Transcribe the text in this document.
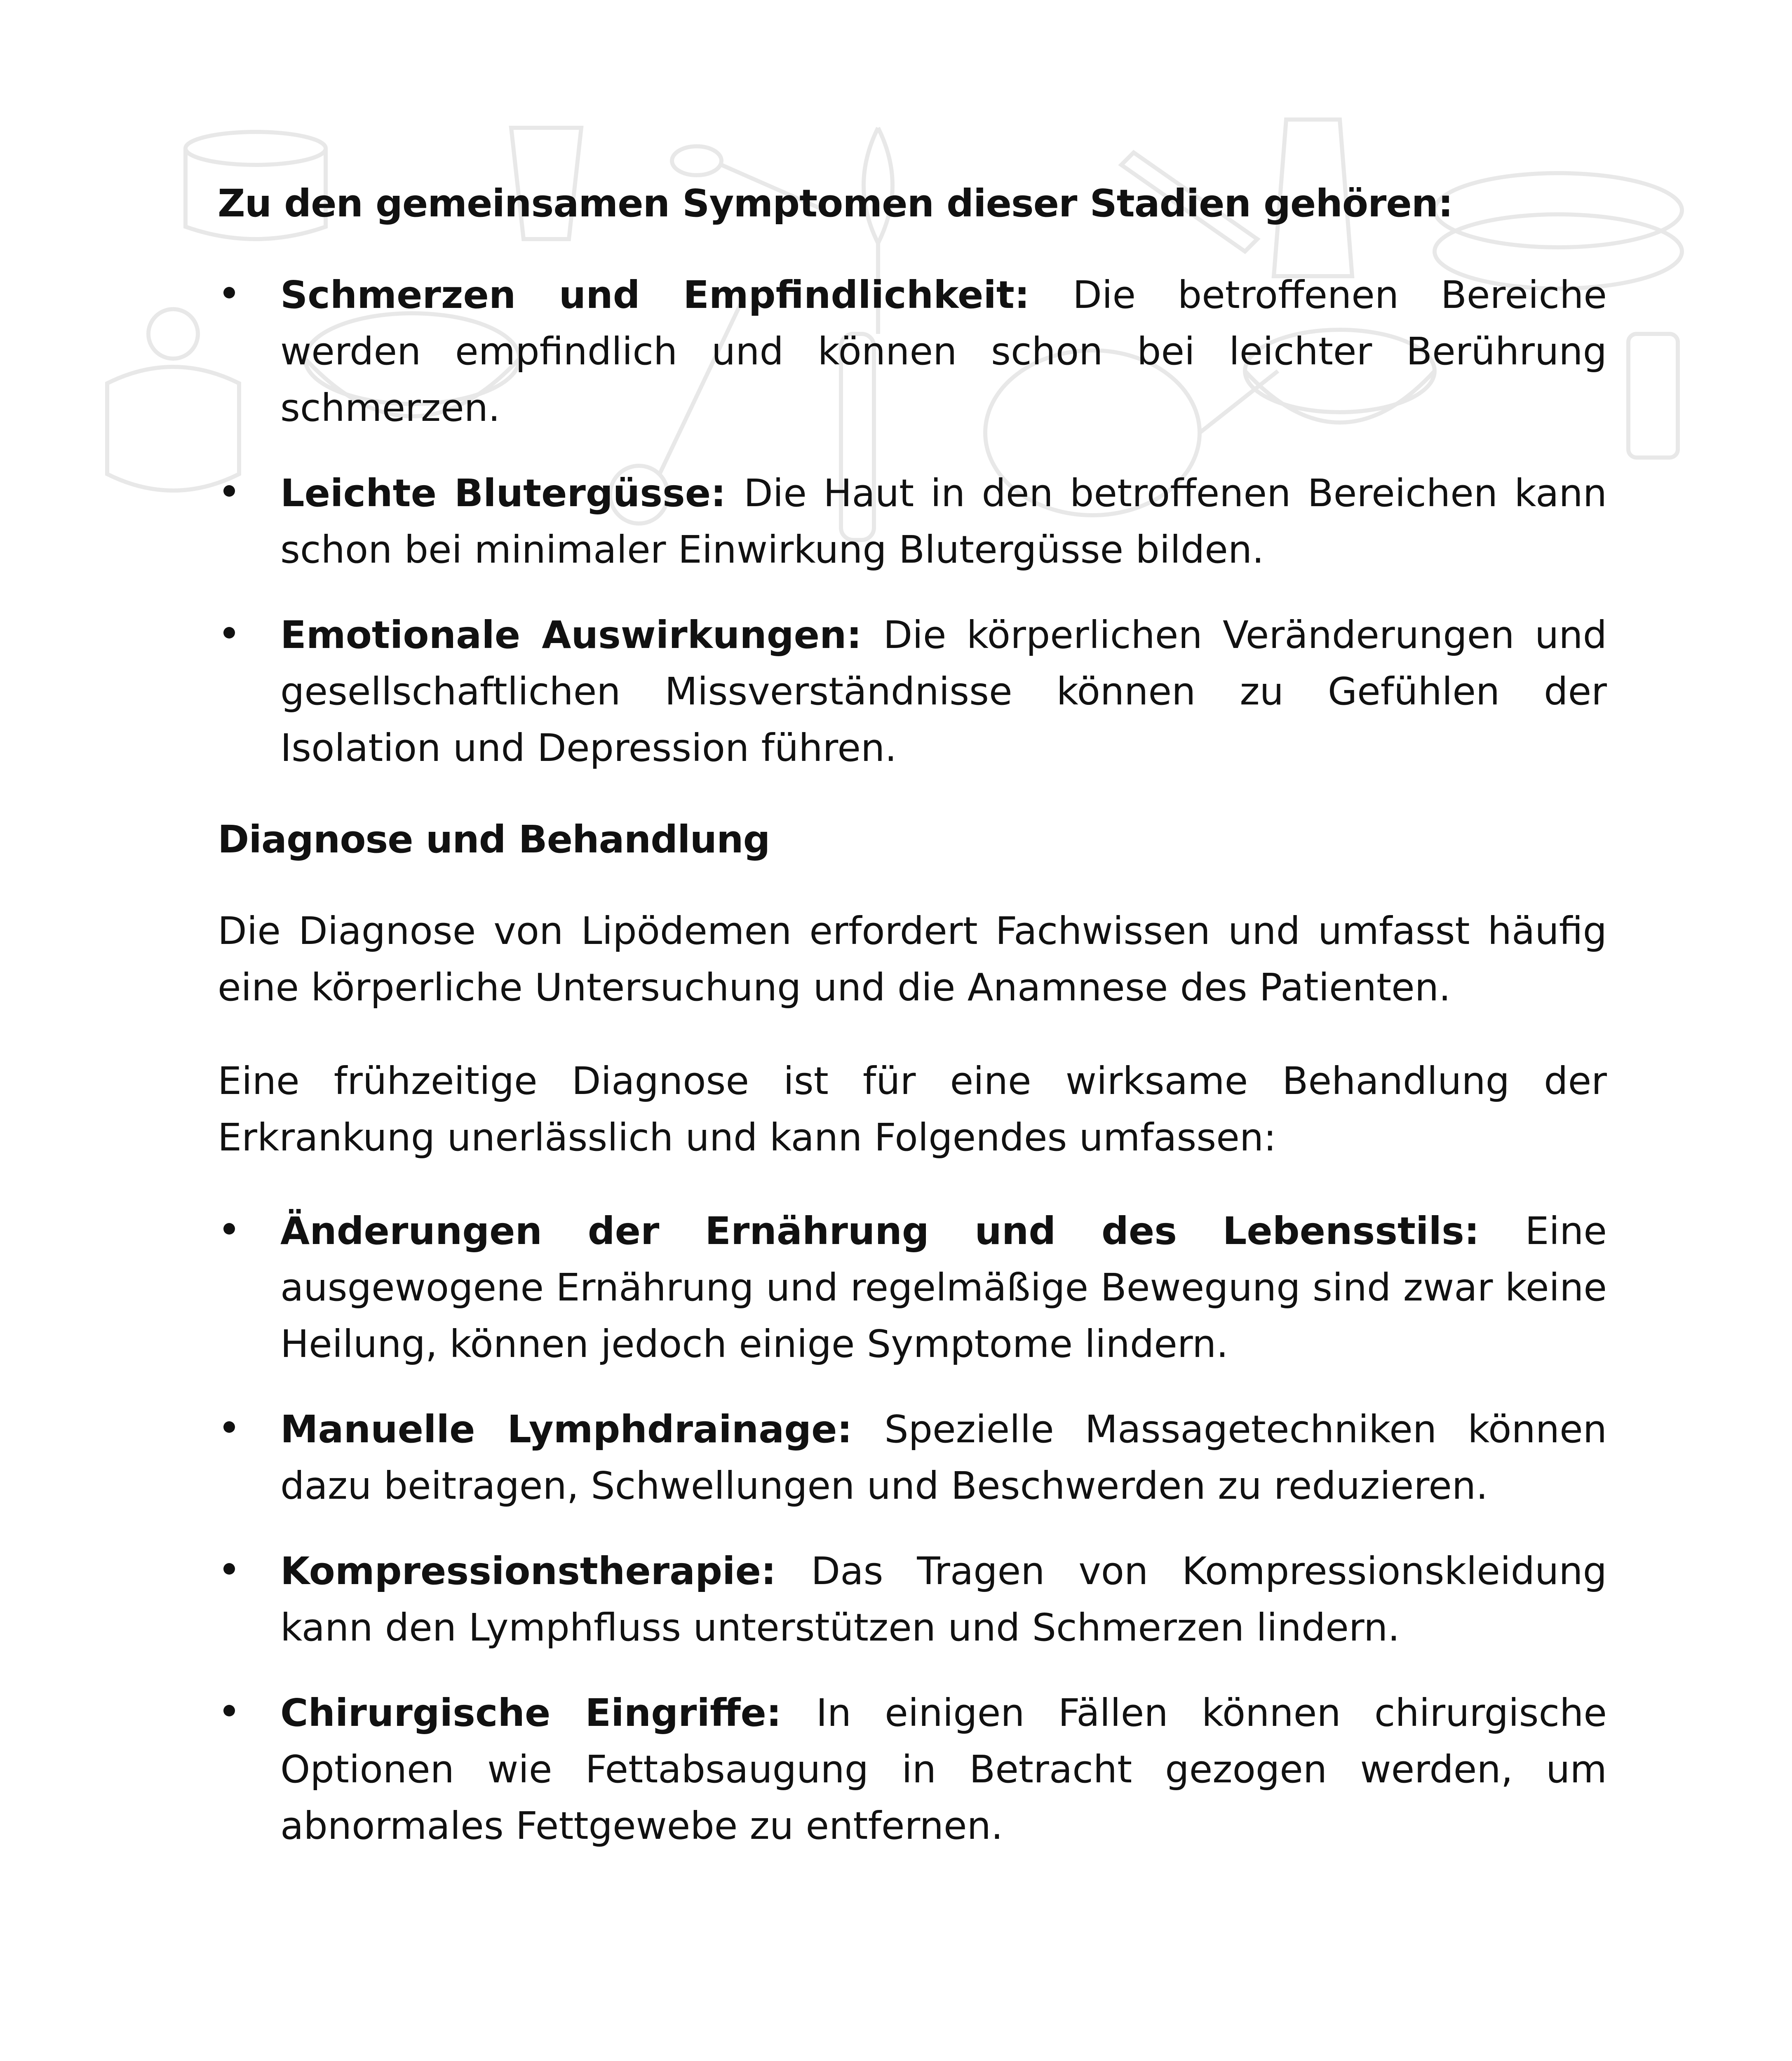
Zu den gemeinsamen Symptomen dieser Stadien gehören:

Schmerzen und Empfindlichkeit: Die betroffenen Bereiche werden empfindlich und können schon bei leichter Berührung schmerzen.
Leichte Blutergüsse: Die Haut in den betroffenen Bereichen kann schon bei minimaler Einwirkung Blutergüsse bilden.
Emotionale Auswirkungen: Die körperlichen Veränderungen und gesellschaftlichen Missverständnisse können zu Gefühlen der Isolation und Depression führen.

Diagnose und Behandlung

Die Diagnose von Lipödemen erfordert Fachwissen und umfasst häufig eine körperliche Untersuchung und die Anamnese des Patienten.

Eine frühzeitige Diagnose ist für eine wirksame Behandlung der Erkrankung unerlässlich und kann Folgendes umfassen:

Änderungen der Ernährung und des Lebensstils: Eine ausgewogene Ernährung und regelmäßige Bewegung sind zwar keine Heilung, können jedoch einige Symptome lindern.
Manuelle Lymphdrainage: Spezielle Massagetechniken können dazu beitragen, Schwellungen und Beschwerden zu reduzieren.
Kompressionstherapie: Das Tragen von Kompressionskleidung kann den Lymphfluss unterstützen und Schmerzen lindern.
Chirurgische Eingriffe: In einigen Fällen können chirurgische Optionen wie Fettabsaugung in Betracht gezogen werden, um abnormales Fettgewebe zu entfernen.
